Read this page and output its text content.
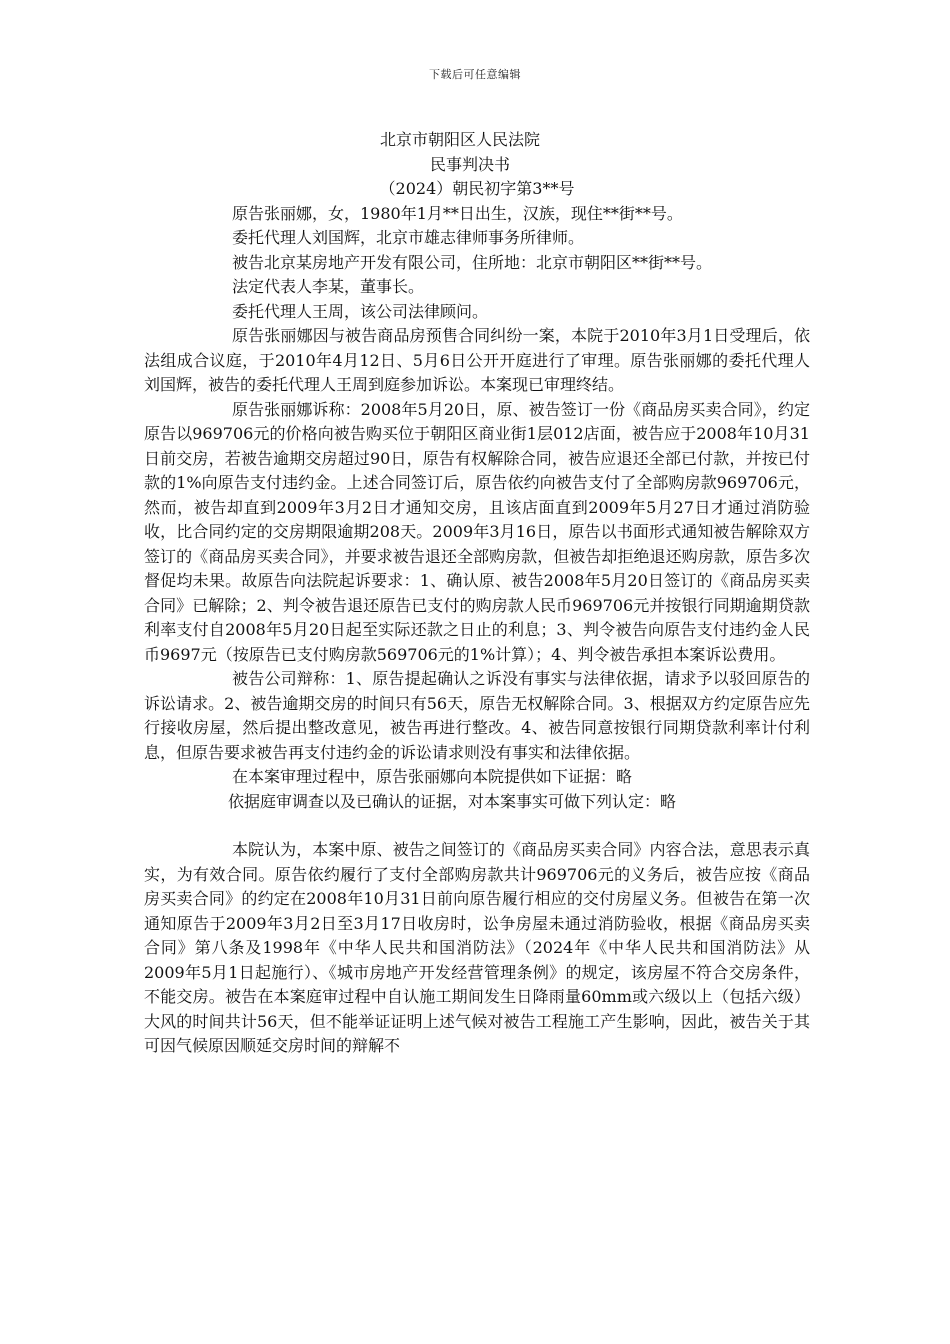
下载后可任意编辑

北京市朝阳区人民法院

民事判决书

（2024）朝民初字第3**号

原告张丽娜，女，1980年1月**日出生，汉族，现住**街**号。

委托代理人刘国辉，北京市雄志律师事务所律师。

被告北京某房地产开发有限公司，住所地：北京市朝阳区**街**号。

法定代表人李某，董事长。

委托代理人王周，该公司法律顾问。

原告张丽娜因与被告商品房预售合同纠纷一案，本院于2010年3月1日受理后，依法组成合议庭，于2010年4月12日、5月6日公开开庭进行了审理。原告张丽娜的委托代理人刘国辉，被告的委托代理人王周到庭参加诉讼。本案现已审理终结。

原告张丽娜诉称：2008年5月20日，原、被告签订一份《商品房买卖合同》，约定原告以969706元的价格向被告购买位于朝阳区商业街1层012店面，被告应于2008年10月31日前交房，若被告逾期交房超过90日，原告有权解除合同，被告应退还全部已付款，并按已付款的1%向原告支付违约金。上述合同签订后，原告依约向被告支付了全部购房款969706元，然而，被告却直到2009年3月2日才通知交房，且该店面直到2009年5月27日才通过消防验收，比合同约定的交房期限逾期208天。2009年3月16日，原告以书面形式通知被告解除双方签订的《商品房买卖合同》，并要求被告退还全部购房款，但被告却拒绝退还购房款，原告多次督促均未果。故原告向法院起诉要求：1、确认原、被告2008年5月20日签订的《商品房买卖合同》已解除；2、判令被告退还原告已支付的购房款人民币969706元并按银行同期逾期贷款利率支付自2008年5月20日起至实际还款之日止的利息；3、判令被告向原告支付违约金人民币9697元（按原告已支付购房款569706元的1%计算）；4、判令被告承担本案诉讼费用。

被告公司辩称：1、原告提起确认之诉没有事实与法律依据，请求予以驳回原告的诉讼请求。2、被告逾期交房的时间只有56天，原告无权解除合同。3、根据双方约定原告应先行接收房屋，然后提出整改意见，被告再进行整改。4、被告同意按银行同期贷款利率计付利息，但原告要求被告再支付违约金的诉讼请求则没有事实和法律依据。

在本案审理过程中，原告张丽娜向本院提供如下证据：略

依据庭审调查以及已确认的证据，对本案事实可做下列认定：略

本院认为，本案中原、被告之间签订的《商品房买卖合同》内容合法，意思表示真实，为有效合同。原告依约履行了支付全部购房款共计969706元的义务后，被告应按《商品房买卖合同》的约定在2008年10月31日前向原告履行相应的交付房屋义务。但被告在第一次通知原告于2009年3月2日至3月17日收房时，讼争房屋未通过消防验收，根据《商品房买卖合同》第八条及1998年《中华人民共和国消防法》（2024年《中华人民共和国消防法》从2009年5月1日起施行）、《城市房地产开发经营管理条例》的规定，该房屋不符合交房条件，不能交房。被告在本案庭审过程中自认施工期间发生日降雨量60mm或六级以上（包括六级）大风的时间共计56天，但不能举证证明上述气候对被告工程施工产生影响，因此，被告关于其可因气候原因顺延交房时间的辩解不
